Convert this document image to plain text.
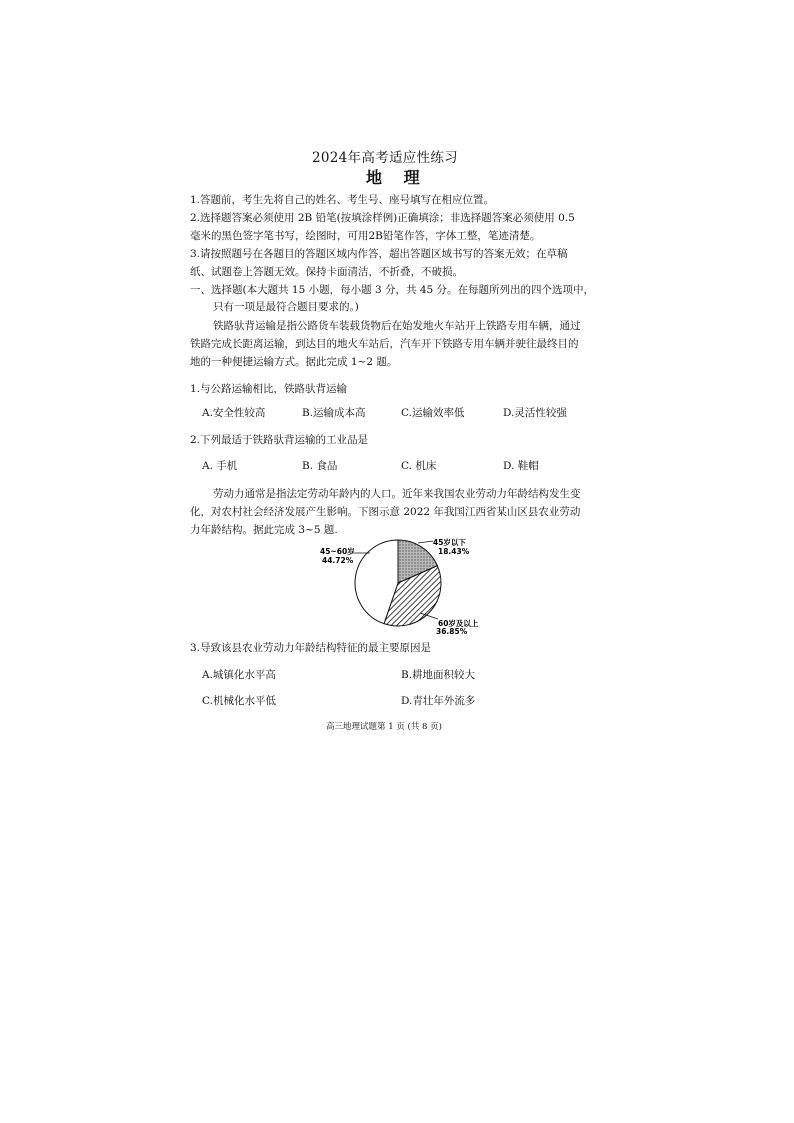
2024年高考适应性练习
地 理
1.答题前，考生先将自己的姓名、考生号、座号填写在相应位置。
2.选择题答案必须使用 2B 铅笔(按填涂样例)正确填涂；非选择题答案必须使用 0.5
毫米的黑色签字笔书写，绘图时，可用2B铅笔作答，字体工整，笔迹清楚。
3.请按照题号在各题目的答题区域内作答，超出答题区域书写的答案无效；在草稿
纸、试题卷上答题无效。保持卡面清洁，不折叠，不破损。
一、选择题(本大题共 15 小题，每小题 3 分，共 45 分。在每题所列出的四个选项中，
只有一项是最符合题目要求的。)
铁路驮背运输是指公路货车装载货物后在始发地火车站开上铁路专用车辆，通过
铁路完成长距离运输，到达目的地火车站后，汽车开下铁路专用车辆并驶往最终目的
地的一种便捷运输方式。据此完成 1~2 题。
1.与公路运输相比，铁路驮背运输
A.安全性较高	B.运输成本高	C.运输效率低	D.灵活性较强
2.下列最适于铁路驮背运输的工业品是
A. 手机	B. 食品	C. 机床	D. 鞋帽
劳动力通常是指法定劳动年龄内的人口。近年来我国农业劳动力年龄结构发生变
化，对农村社会经济发展产生影响。下图示意 2022 年我国江西省某山区县农业劳动
力年龄结构。据此完成 3~5 题.
45~60岁
44.72%
45岁以下
18.43%
60岁及以上
36.85%
3.导致该县农业劳动力年龄结构特征的最主要原因是
A.城镇化水平高	B.耕地面积较大
C.机械化水平低	D.青壮年外流多
高三地理试题第 1 页 (共 8 页)
